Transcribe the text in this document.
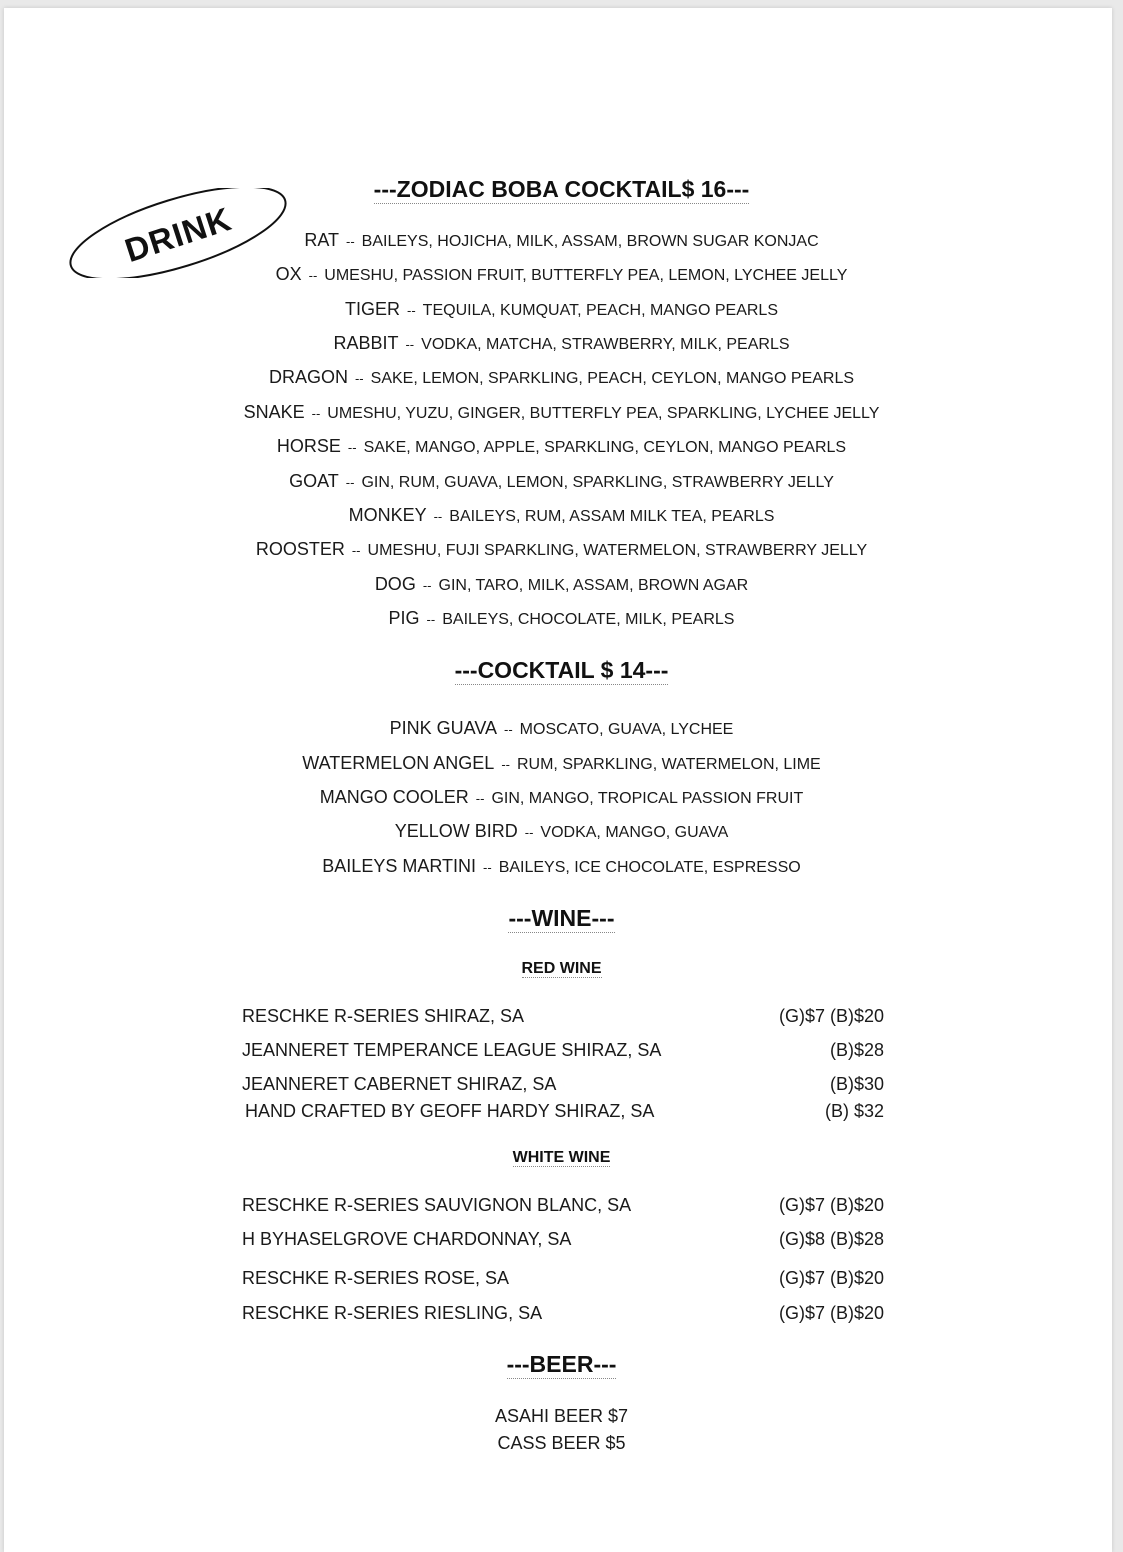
DRINK
---ZODIAC BOBA COCKTAIL$ 16---
RAT -- BAILEYS, HOJICHA, MILK, ASSAM, BROWN SUGAR KONJAC
OX -- UMESHU, PASSION FRUIT, BUTTERFLY PEA, LEMON, LYCHEE JELLY
TIGER -- TEQUILA, KUMQUAT, PEACH, MANGO PEARLS
RABBIT -- VODKA, MATCHA, STRAWBERRY, MILK, PEARLS
DRAGON -- SAKE, LEMON, SPARKLING, PEACH, CEYLON, MANGO PEARLS
SNAKE -- UMESHU, YUZU, GINGER, BUTTERFLY PEA, SPARKLING, LYCHEE JELLY
HORSE -- SAKE, MANGO, APPLE, SPARKLING, CEYLON, MANGO PEARLS
GOAT -- GIN, RUM, GUAVA, LEMON, SPARKLING, STRAWBERRY JELLY
MONKEY -- BAILEYS, RUM, ASSAM MILK TEA, PEARLS
ROOSTER -- UMESHU, FUJI SPARKLING, WATERMELON, STRAWBERRY JELLY
DOG -- GIN, TARO, MILK, ASSAM, BROWN AGAR
PIG -- BAILEYS, CHOCOLATE, MILK, PEARLS
---COCKTAIL $ 14---
PINK GUAVA -- MOSCATO, GUAVA, LYCHEE
WATERMELON ANGEL -- RUM, SPARKLING, WATERMELON, LIME
MANGO COOLER -- GIN, MANGO, TROPICAL PASSION FRUIT
YELLOW BIRD -- VODKA, MANGO, GUAVA
BAILEYS MARTINI -- BAILEYS, ICE CHOCOLATE, ESPRESSO
---WINE---
RED WINE
RESCHKE R-SERIES SHIRAZ, SA	(G)$7 (B)$20
JEANNERET TEMPERANCE LEAGUE SHIRAZ, SA	(B)$28
JEANNERET CABERNET SHIRAZ, SA	(B)$30
HAND CRAFTED BY GEOFF HARDY SHIRAZ, SA	(B) $32
WHITE WINE
RESCHKE R-SERIES SAUVIGNON BLANC, SA	(G)$7 (B)$20
H BYHASELGROVE CHARDONNAY, SA	(G)$8 (B)$28
RESCHKE R-SERIES ROSE, SA	(G)$7 (B)$20
RESCHKE R-SERIES RIESLING, SA	(G)$7 (B)$20
---BEER---
ASAHI BEER $7
CASS BEER $5
